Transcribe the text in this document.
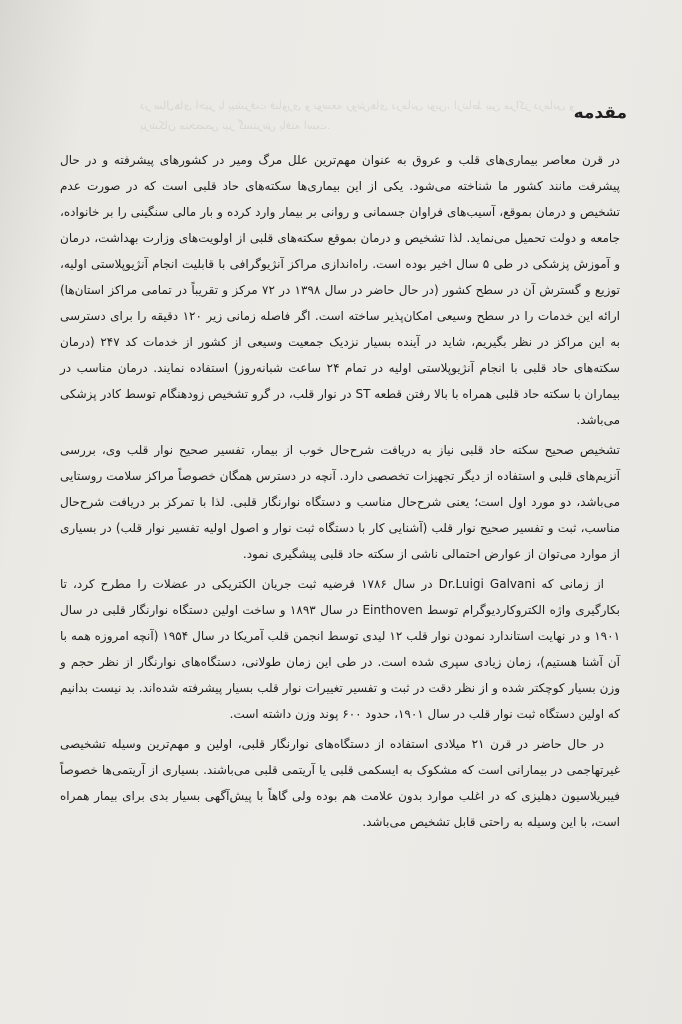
در سال‌های اخیر با پیشرفت فناوری و توسعه روش‌های درمانی نوین، ارتباط بین مراکز درمانی و پزشکان متخصص نیز گسترش یافته است.
مقدمه

در قرن معاصر بیماری‌های قلب و عروق به عنوان مهم‌ترین علل مرگ ومیر در کشورهای پیشرفته و در حال پیشرفت مانند کشور ما شناخته می‌شود. یکی از این بیماری‌ها سکته‌های حاد قلبی است که در صورت عدم تشخیص و درمان بموقع، آسیب‌های فراوان جسمانی و روانی بر بیمار وارد کرده و بار مالی سنگینی را بر خانواده، جامعه و دولت تحمیل می‌نماید. لذا تشخیص و درمان بموقع سکته‌های قلبی از اولویت‌های وزارت بهداشت، درمان و آموزش پزشکی در طی ۵ سال اخیر بوده است. راه‌اندازی مراکز آنژیوگرافی با قابلیت انجام آنژیوپلاستی اولیه، توزیع و گسترش آن در سطح کشور (در حال حاضر در سال ۱۳۹۸ در ۷۲ مرکز و تقریباً در تمامی مراکز استان‌ها) ارائه این خدمات را در سطح وسیعی امکان‌پذیر ساخته است. اگر فاصله زمانی زیر ۱۲۰ دقیقه را برای دسترسی به این مراکز در نظر بگیریم، شاید در آینده بسیار نزدیک جمعیت وسیعی از کشور از خدمات کد ۲۴۷ (درمان سکته‌های حاد قلبی با انجام آنژیوپلاستی اولیه در تمام ۲۴ ساعت شبانه‌روز) استفاده نمایند. درمان مناسب در بیماران با سکته حاد قلبی همراه با بالا رفتن قطعه ST در نوار قلب، در گرو تشخیص زودهنگام توسط کادر پزشکی می‌باشد.

تشخیص صحیح سکته حاد قلبی نیاز به دریافت شرح‌حال خوب از بیمار، تفسیر صحیح نوار قلب وی، بررسی آنزیم‌های قلبی و استفاده از دیگر تجهیزات تخصصی دارد. آنچه در دسترس همگان خصوصاً مراکز سلامت روستایی می‌باشد، دو مورد اول است؛ یعنی شرح‌حال مناسب و دستگاه نوارنگار قلبی. لذا با تمرکز بر دریافت شرح‌حال مناسب، ثبت و تفسیر صحیح نوار قلب (آشنایی کار با دستگاه ثبت نوار و اصول اولیه تفسیر نوار قلب) در بسیاری از موارد می‌توان از عوارض احتمالی ناشی از سکته حاد قلبی پیشگیری نمود.

از زمانی که Dr.Luigi Galvani در سال ۱۷۸۶ فرضیه ثبت جریان الکتریکی در عضلات را مطرح کرد، تا بکارگیری واژه الکتروکاردیوگرام توسط Einthoven در سال ۱۸۹۳ و ساخت اولین دستگاه نوارنگار قلبی در سال ۱۹۰۱ و در نهایت استاندارد نمودن نوار قلب ۱۲ لیدی توسط انجمن قلب آمریکا در سال ۱۹۵۴ (آنچه امروزه همه با آن آشنا هستیم)، زمان زیادی سپری شده است. در طی این زمان طولانی، دستگاه‌های نوارنگار از نظر حجم و وزن بسیار کوچکتر شده و از نظر دقت در ثبت و تفسیر تغییرات نوار قلب بسیار پیشرفته شده‌اند. بد نیست بدانیم که اولین دستگاه ثبت نوار قلب در سال ۱۹۰۱، حدود ۶۰۰ پوند وزن داشته است.

در حال حاضر در قرن ۲۱ میلادی استفاده از دستگاه‌های نوارنگار قلبی، اولین و مهم‌ترین وسیله تشخیصی غیرتهاجمی در بیمارانی است که مشکوک به ایسکمی قلبی یا آریتمی قلبی می‌باشند. بسیاری از آریتمی‌ها خصوصاً فیبریلاسیون دهلیزی که در اغلب موارد بدون علامت هم بوده ولی گاهاً با پیش‌آگهی بسیار بدی برای بیمار همراه است، با این وسیله به راحتی قابل تشخیص می‌باشد.
